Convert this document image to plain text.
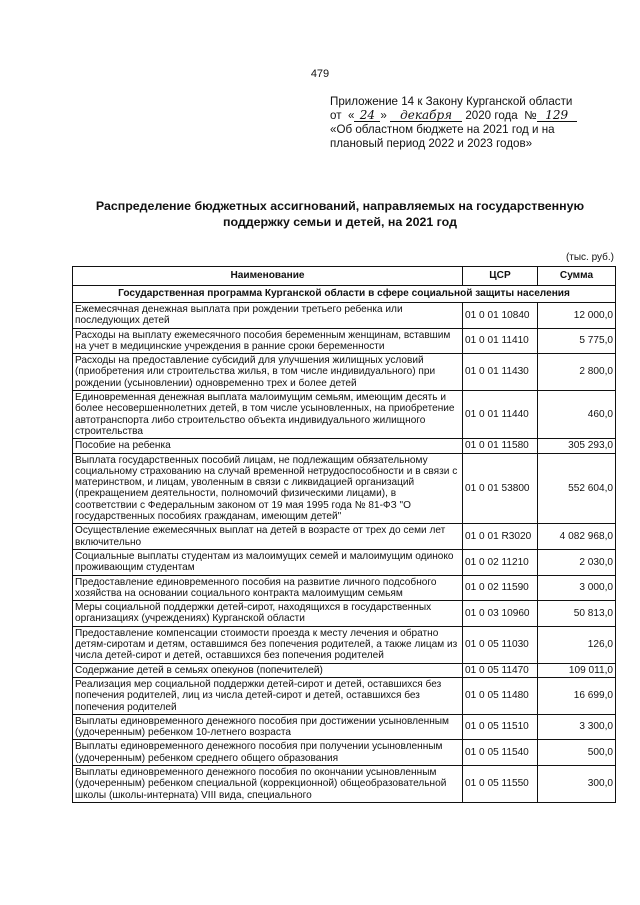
479
Приложение 14 к Закону Курганской области
от « 24 » декабря 2020 года № 129
«Об областном бюджете на 2021 год и на
плановый период 2022 и 2023 годов»
Распределение бюджетных ассигнований, направляемых на государственную поддержку семьи и детей, на 2021 год
(тыс. руб.)
Наименование	ЦСР	Сумма
Государственная программа Курганской области в сфере социальной защиты населения		
Ежемесячная денежная выплата при рождении третьего ребенка или последующих детей	01 0 01 10840	12 000,0
Расходы на выплату ежемесячного пособия беременным женщинам, вставшим на учет в медицинские учреждения в ранние сроки беременности	01 0 01 11410	5 775,0
Расходы на предоставление субсидий для улучшения жилищных условий (приобретения или строительства жилья, в том числе индивидуального) при рождении (усыновлении) одновременно трех и более детей	01 0 01 11430	2 800,0
Единовременная денежная выплата малоимущим семьям, имеющим десять и более несовершеннолетних детей, в том числе усыновленных, на приобретение автотранспорта либо строительство объекта индивидуального жилищного строительства	01 0 01 11440	460,0
Пособие на ребенка	01 0 01 11580	305 293,0
Выплата государственных пособий лицам, не подлежащим обязательному социальному страхованию на случай временной нетрудоспособности и в связи с материнством, и лицам, уволенным в связи с ликвидацией организаций (прекращением деятельности, полномочий физическими лицами), в соответствии с Федеральным законом от 19 мая 1995 года № 81-ФЗ "О государственных пособиях гражданам, имеющим детей"	01 0 01 53800	552 604,0
Осуществление ежемесячных выплат на детей в возрасте от трех до семи лет включительно	01 0 01 R3020	4 082 968,0
Социальные выплаты студентам из малоимущих семей и малоимущим одиноко проживающим студентам	01 0 02 11210	2 030,0
Предоставление единовременного пособия на развитие личного подсобного хозяйства на основании социального контракта малоимущим семьям	01 0 02 11590	3 000,0
Меры социальной поддержки детей-сирот, находящихся в государственных организациях (учреждениях) Курганской области	01 0 03 10960	50 813,0
Предоставление компенсации стоимости проезда к месту лечения и обратно детям-сиротам и детям, оставшимся без попечения родителей, а также лицам из числа детей-сирот и детей, оставшихся без попечения родителей	01 0 05 11030	126,0
Содержание детей в семьях опекунов (попечителей)	01 0 05 11470	109 011,0
Реализация мер социальной поддержки детей-сирот и детей, оставшихся без попечения родителей, лиц из числа детей-сирот и детей, оставшихся без попечения родителей	01 0 05 11480	16 699,0
Выплаты единовременного денежного пособия при достижении усыновленным (удочеренным) ребенком 10-летнего возраста	01 0 05 11510	3 300,0
Выплаты единовременного денежного пособия при получении усыновленным (удочеренным) ребенком среднего общего образования	01 0 05 11540	500,0
Выплаты единовременного денежного пособия по окончании усыновленным (удочеренным) ребенком специальной (коррекционной) общеобразовательной школы (школы-интерната) VIII вида, специального	01 0 05 11550	300,0
